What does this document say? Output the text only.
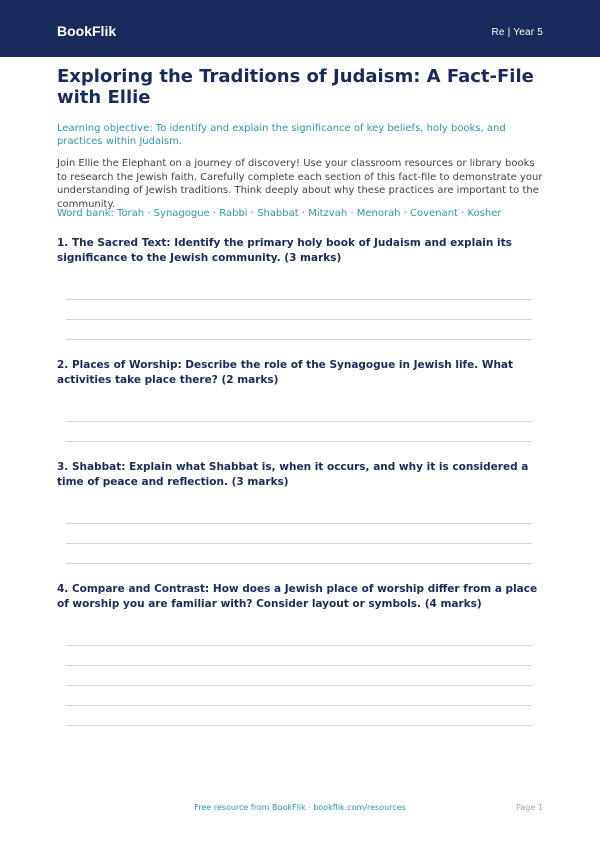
BookFlik	Re | Year 5
Exploring the Traditions of Judaism: A Fact-File with Ellie

Learning objective: To identify and explain the significance of key beliefs, holy books, and practices within Judaism.

Join Ellie the Elephant on a journey of discovery! Use your classroom resources or library books to research the Jewish faith. Carefully complete each section of this fact-file to demonstrate your understanding of Jewish traditions. Think deeply about why these practices are important to the community.

Word bank: Torah · Synagogue · Rabbi · Shabbat · Mitzvah · Menorah · Covenant · Kosher

1. The Sacred Text: Identify the primary holy book of Judaism and explain its significance to the Jewish community. (3 marks)

2. Places of Worship: Describe the role of the Synagogue in Jewish life. What activities take place there? (2 marks)

3. Shabbat: Explain what Shabbat is, when it occurs, and why it is considered a time of peace and reflection. (3 marks)

4. Compare and Contrast: How does a Jewish place of worship differ from a place of worship you are familiar with? Consider layout or symbols. (4 marks)

Free resource from BookFlik · bookflik.com/resources	Page 1
